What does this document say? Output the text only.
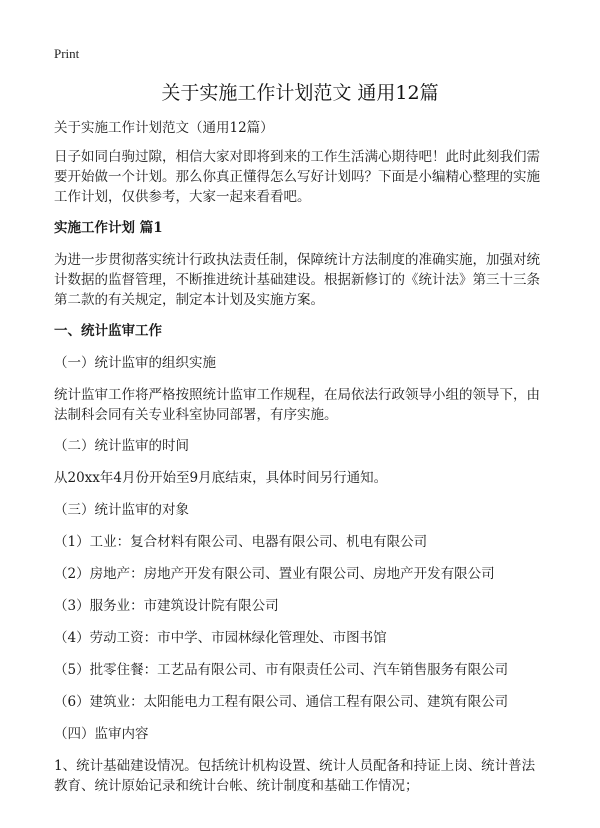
Print
关于实施工作计划范文 通用12篇

关于实施工作计划范文（通用12篇）

日子如同白驹过隙，相信大家对即将到来的工作生活满心期待吧！此时此刻我们需要开始做一个计划。那么你真正懂得怎么写好计划吗？下面是小编精心整理的实施工作计划，仅供参考，大家一起来看看吧。

实施工作计划 篇1

为进一步贯彻落实统计行政执法责任制，保障统计方法制度的准确实施，加强对统计数据的监督管理，不断推进统计基础建设。根据新修订的《统计法》第三十三条第二款的有关规定，制定本计划及实施方案。

一、统计监审工作

（一）统计监审的组织实施

统计监审工作将严格按照统计监审工作规程，在局依法行政领导小组的领导下，由法制科会同有关专业科室协同部署，有序实施。

（二）统计监审的时间

从20xx年4月份开始至9月底结束，具体时间另行通知。

（三）统计监审的对象

（1）工业：复合材料有限公司、电器有限公司、机电有限公司

（2）房地产：房地产开发有限公司、置业有限公司、房地产开发有限公司

（3）服务业：市建筑设计院有限公司

（4）劳动工资：市中学、市园林绿化管理处、市图书馆

（5）批零住餐：工艺品有限公司、市有限责任公司、汽车销售服务有限公司

（6）建筑业：太阳能电力工程有限公司、通信工程有限公司、建筑有限公司

（四）监审内容

1、统计基础建设情况。包括统计机构设置、统计人员配备和持证上岗、统计普法教育、统计原始记录和统计台帐、统计制度和基础工作情况；
